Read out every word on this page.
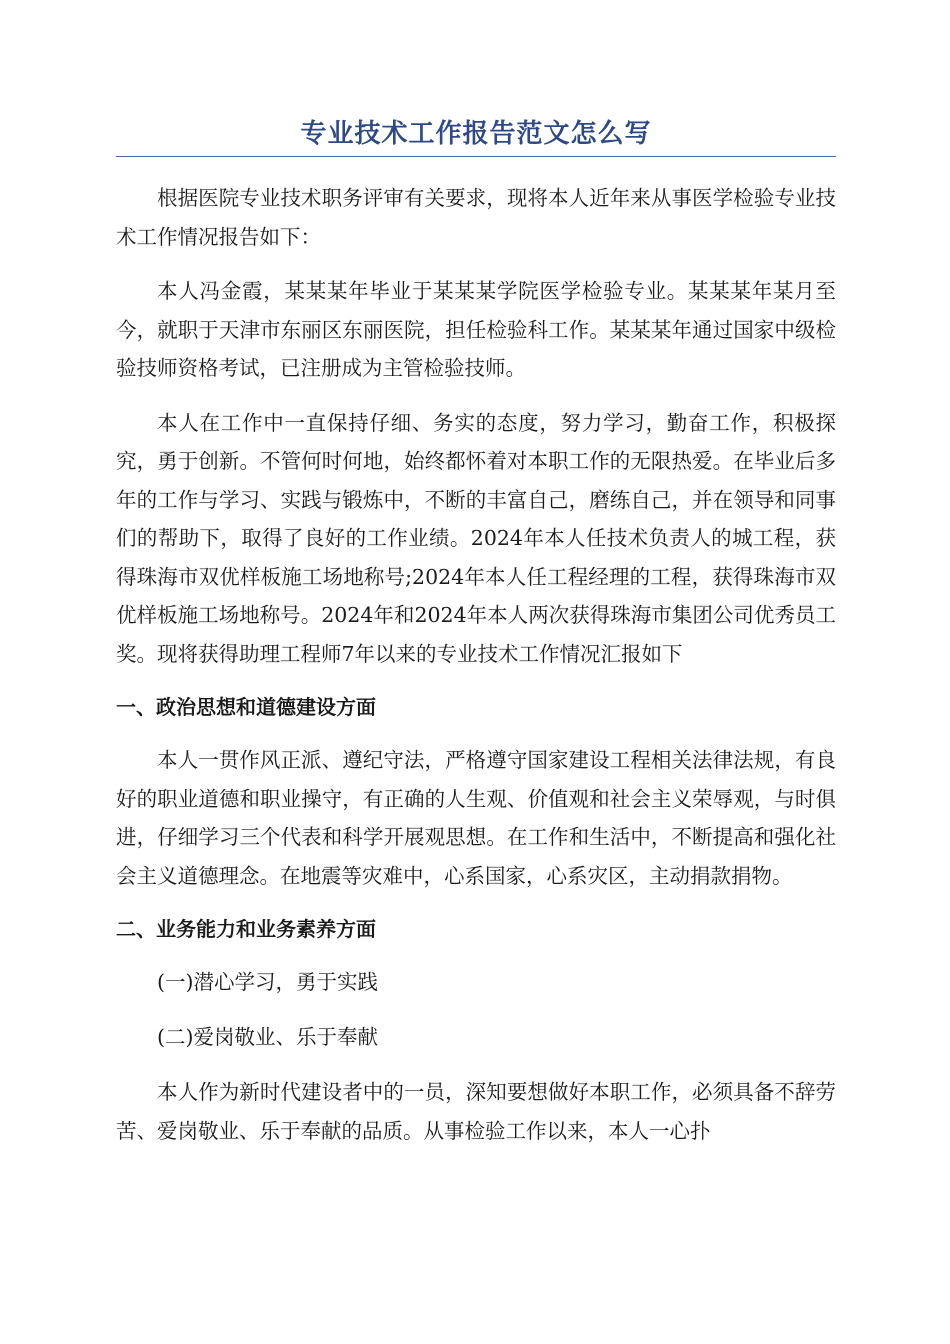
专业技术工作报告范文怎么写

根据医院专业技术职务评审有关要求，现将本人近年来从事医学检验专业技术工作情况报告如下：

本人冯金霞，某某某年毕业于某某某学院医学检验专业。某某某年某月至今，就职于天津市东丽区东丽医院，担任检验科工作。某某某年通过国家中级检验技师资格考试，已注册成为主管检验技师。

本人在工作中一直保持仔细、务实的态度，努力学习，勤奋工作，积极探究，勇于创新。不管何时何地，始终都怀着对本职工作的无限热爱。在毕业后多年的工作与学习、实践与锻炼中，不断的丰富自己，磨练自己，并在领导和同事们的帮助下，取得了良好的工作业绩。2024年本人任技术负责人的城工程，获得珠海市双优样板施工场地称号;2024年本人任工程经理的工程，获得珠海市双优样板施工场地称号。2024年和2024年本人两次获得珠海市集团公司优秀员工奖。现将获得助理工程师7年以来的专业技术工作情况汇报如下

一、政治思想和道德建设方面

本人一贯作风正派、遵纪守法，严格遵守国家建设工程相关法律法规，有良好的职业道德和职业操守，有正确的人生观、价值观和社会主义荣辱观，与时俱进，仔细学习三个代表和科学开展观思想。在工作和生活中，不断提高和强化社会主义道德理念。在地震等灾难中，心系国家，心系灾区，主动捐款捐物。

二、业务能力和业务素养方面

(一)潜心学习，勇于实践

(二)爱岗敬业、乐于奉献

本人作为新时代建设者中的一员，深知要想做好本职工作，必须具备不辞劳苦、爱岗敬业、乐于奉献的品质。从事检验工作以来，本人一心扑
